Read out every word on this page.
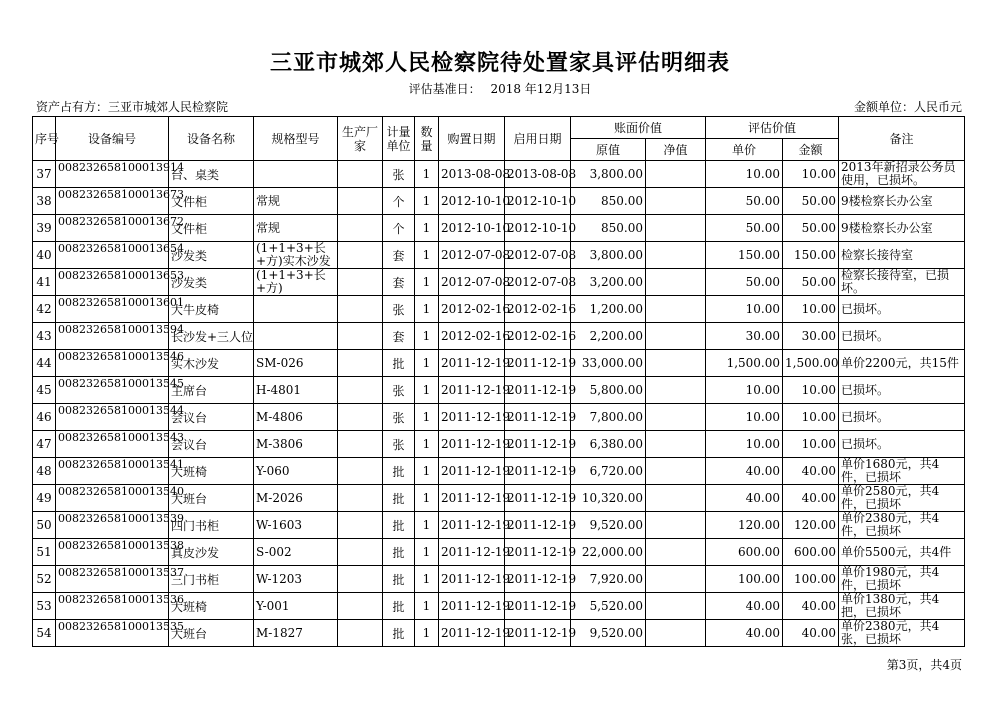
三亚市城郊人民检察院待处置家具评估明细表
评估基准日：　 2018 年12月13日
资产占有方：三亚市城郊人民检察院	金额单位：人民币元
序号	设备编号	设备名称	规格型号	生产厂家	计量单位	数量	购置日期	启用日期	账面价值		评估价值		备注
									原值	净值	单价	金额	
37	008232658100013914	台、桌类			张	1	2013-08-08	2013-08-08	3,800.00		10.00	10.00	2013年新招录公务员使用，已损坏。
38	008232658100013673	文件柜	常规		个	1	2012-10-10	2012-10-10	850.00		50.00	50.00	9楼检察长办公室
39	008232658100013672	文件柜	常规		个	1	2012-10-10	2012-10-10	850.00		50.00	50.00	9楼检察长办公室
40	008232658100013654	沙发类	(1+1+3+长+方)实木沙发		套	1	2012-07-08	2012-07-08	3,800.00		150.00	150.00	检察长接待室
41	008232658100013653	沙发类	(1+1+3+长+方)		套	1	2012-07-08	2012-07-08	3,200.00		50.00	50.00	检察长接待室，已损坏。
42	008232658100013601	大牛皮椅			张	1	2012-02-16	2012-02-16	1,200.00		10.00	10.00	已损坏。
43	008232658100013594	长沙发+三人位			套	1	2012-02-16	2012-02-16	2,200.00		30.00	30.00	已损坏。
44	008232658100013546	实木沙发	SM-026		批	1	2011-12-19	2011-12-19	33,000.00		1,500.00	1,500.00	单价2200元，共15件
45	008232658100013545	主席台	H-4801		张	1	2011-12-19	2011-12-19	5,800.00		10.00	10.00	已损坏。
46	008232658100013544	会议台	M-4806		张	1	2011-12-19	2011-12-19	7,800.00		10.00	10.00	已损坏。
47	008232658100013543	会议台	M-3806		张	1	2011-12-19	2011-12-19	6,380.00		10.00	10.00	已损坏。
48	008232658100013541	大班椅	Y-060		批	1	2011-12-19	2011-12-19	6,720.00		40.00	40.00	单价1680元，共4件，已损坏
49	008232658100013540	大班台	M-2026		批	1	2011-12-19	2011-12-19	10,320.00		40.00	40.00	单价2580元，共4件，已损坏
50	008232658100013539	四门书柜	W-1603		批	1	2011-12-19	2011-12-19	9,520.00		120.00	120.00	单价2380元，共4件，已损坏
51	008232658100013538	真皮沙发	S-002		批	1	2011-12-19	2011-12-19	22,000.00		600.00	600.00	单价5500元，共4件
52	008232658100013537	三门书柜	W-1203		批	1	2011-12-19	2011-12-19	7,920.00		100.00	100.00	单价1980元，共4件，已损坏
53	008232658100013536	大班椅	Y-001		批	1	2011-12-19	2011-12-19	5,520.00		40.00	40.00	单价1380元，共4把，已损坏
54	008232658100013535	大班台	M-1827		批	1	2011-12-19	2011-12-19	9,520.00		40.00	40.00	单价2380元，共4张，已损坏
第3页，共4页
